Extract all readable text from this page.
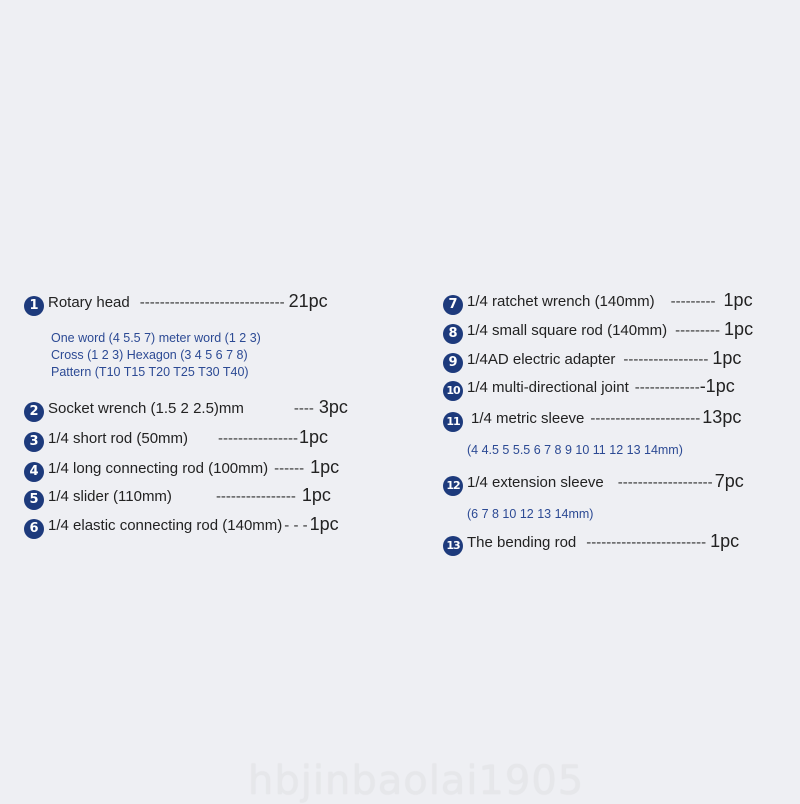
1 Rotary head ----------------------------- 21pc
One word (4 5.5 7) meter word (1 2 3)
Cross (1 2 3) Hexagon (3 4 5 6 7 8)
Pattern (T10 T15 T20 T25 T30 T40)
2 Socket wrench (1.5 2 2.5)mm	---- 3pc
3 1/4 short rod (50mm) ---------------- 1pc
4 1/4 long connecting rod (100mm) ------ 1pc
5 1/4 slider (110mm)	---------------- 1pc
6 1/4 elastic connecting rod (140mm) - - - 1pc
7 1/4 ratchet wrench (140mm) --------- 1pc
8 1/4 small square rod (140mm) --------- 1pc
9 1/4AD electric adapter ----------------- 1pc
10 1/4 multi-directional joint ------------- -1pc
11 1/4 metric sleeve ---------------------- 13pc
(4 4.5 5 5.5 6 7 8 9 10 11 12 13 14mm)
12 1/4 extension sleeve ------------------- 7pc
(6 7 8 10 12 13 14mm)
13 The bending rod ------------------------ 1pc
hbjinbaolai1905
